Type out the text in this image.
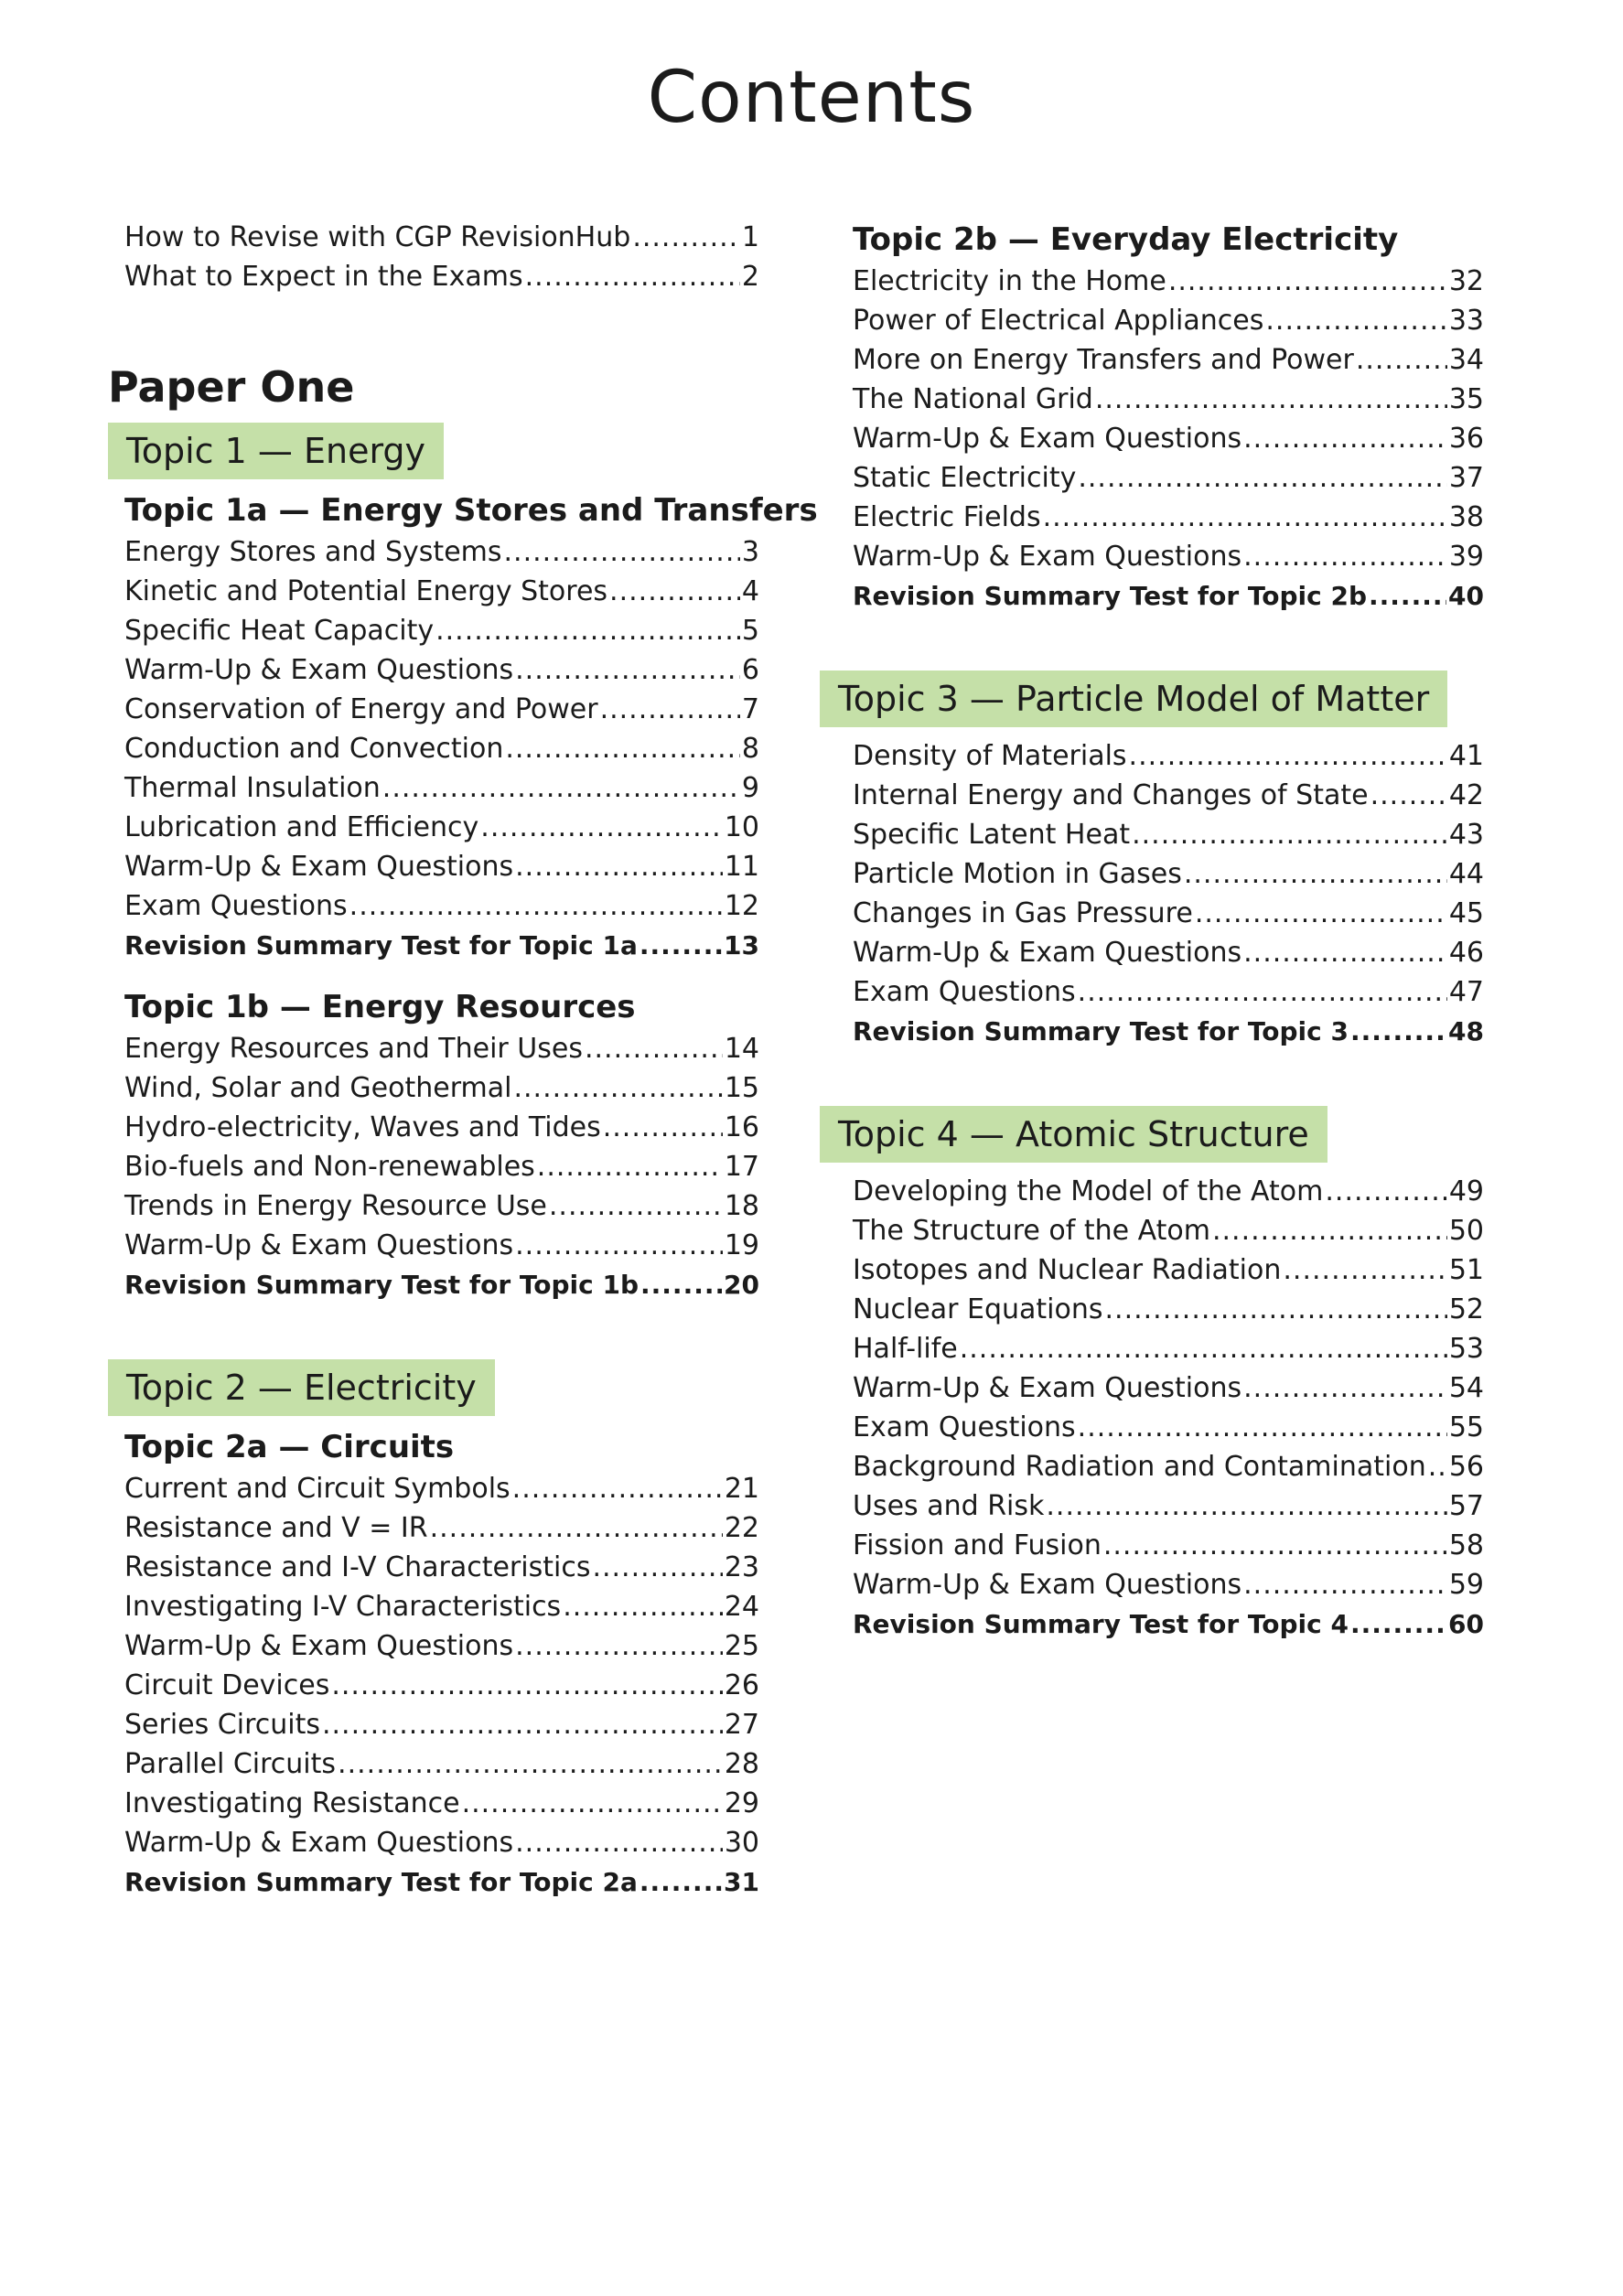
Contents
How to Revise with CGP RevisionHub .....	1
What to Expect in the Exams .....	2
Paper One
Topic 1 — Energy
Topic 1a — Energy Stores and Transfers
Energy Stores and Systems .....	3
Kinetic and Potential Energy Stores .....	4
Specific Heat Capacity .....	5
Warm-Up & Exam Questions .....	6
Conservation of Energy and Power .....	7
Conduction and Convection .....	8
Thermal Insulation .....	9
Lubrication and Efficiency .....	10
Warm-Up & Exam Questions .....	11
Exam Questions .....	12
Revision Summary Test for Topic 1a .....	13
Topic 1b — Energy Resources
Energy Resources and Their Uses .....	14
Wind, Solar and Geothermal .....	15
Hydro-electricity, Waves and Tides .....	16
Bio-fuels and Non-renewables .....	17
Trends in Energy Resource Use .....	18
Warm-Up & Exam Questions .....	19
Revision Summary Test for Topic 1b .....	20
Topic 2 — Electricity
Topic 2a — Circuits
Current and Circuit Symbols .....	21
Resistance and V = IR .....	22
Resistance and I-V Characteristics .....	23
Investigating I-V Characteristics .....	24
Warm-Up & Exam Questions .....	25
Circuit Devices .....	26
Series Circuits .....	27
Parallel Circuits .....	28
Investigating Resistance .....	29
Warm-Up & Exam Questions .....	30
Revision Summary Test for Topic 2a .....	31
Topic 2b — Everyday Electricity
Electricity in the Home .....	32
Power of Electrical Appliances .....	33
More on Energy Transfers and Power .....	34
The National Grid .....	35
Warm-Up & Exam Questions .....	36
Static Electricity .....	37
Electric Fields .....	38
Warm-Up & Exam Questions .....	39
Revision Summary Test for Topic 2b .....	40
Topic 3 — Particle Model of Matter
Density of Materials .....	41
Internal Energy and Changes of State .....	42
Specific Latent Heat .....	43
Particle Motion in Gases .....	44
Changes in Gas Pressure .....	45
Warm-Up & Exam Questions .....	46
Exam Questions .....	47
Revision Summary Test for Topic 3 .....	48
Topic 4 — Atomic Structure
Developing the Model of the Atom .....	49
The Structure of the Atom .....	50
Isotopes and Nuclear Radiation .....	51
Nuclear Equations .....	52
Half-life .....	53
Warm-Up & Exam Questions .....	54
Exam Questions .....	55
Background Radiation and Contamination ..... 56
Uses and Risk .....	57
Fission and Fusion .....	58
Warm-Up & Exam Questions .....	59
Revision Summary Test for Topic 4 .....	60
